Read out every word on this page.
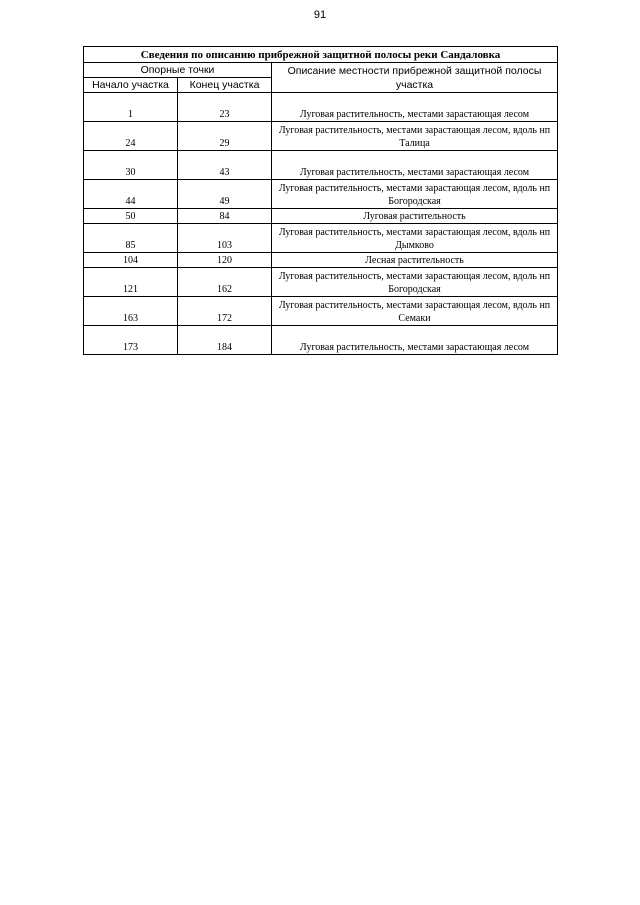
91
Сведения по описанию прибрежной защитной полосы реки Сандаловка		
Опорные точки		Описание местности прибрежной защитной полосы участка
Начало участка	Конец участка	
1	23	Луговая растительность, местами зарастающая лесом
24	29	Луговая растительность, местами зарастающая лесом, вдоль нп Талица
30	43	Луговая растительность, местами зарастающая лесом
44	49	Луговая растительность, местами зарастающая лесом, вдоль нп Богородская
50	84	Луговая растительность
85	103	Луговая растительность, местами зарастающая лесом, вдоль нп Дымково
104	120	Лесная растительность
121	162	Луговая растительность, местами зарастающая лесом, вдоль нп Богородская
163	172	Луговая растительность, местами зарастающая лесом, вдоль нп Семаки
173	184	Луговая растительность, местами зарастающая лесом
